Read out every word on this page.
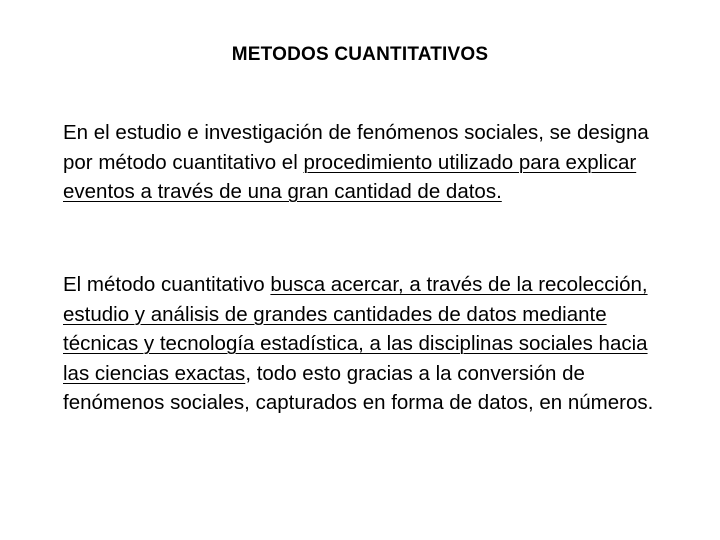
METODOS CUANTITATIVOS

En el estudio e investigación de fenómenos sociales, se designa por método cuantitativo el procedimiento utilizado para explicar eventos a través de una gran cantidad de datos.

El método cuantitativo busca acercar, a través de la recolección, estudio y análisis de grandes cantidades de datos mediante técnicas y tecnología estadística, a las disciplinas sociales hacia las ciencias exactas, todo esto gracias a la conversión de fenómenos sociales, capturados en forma de datos, en números.
